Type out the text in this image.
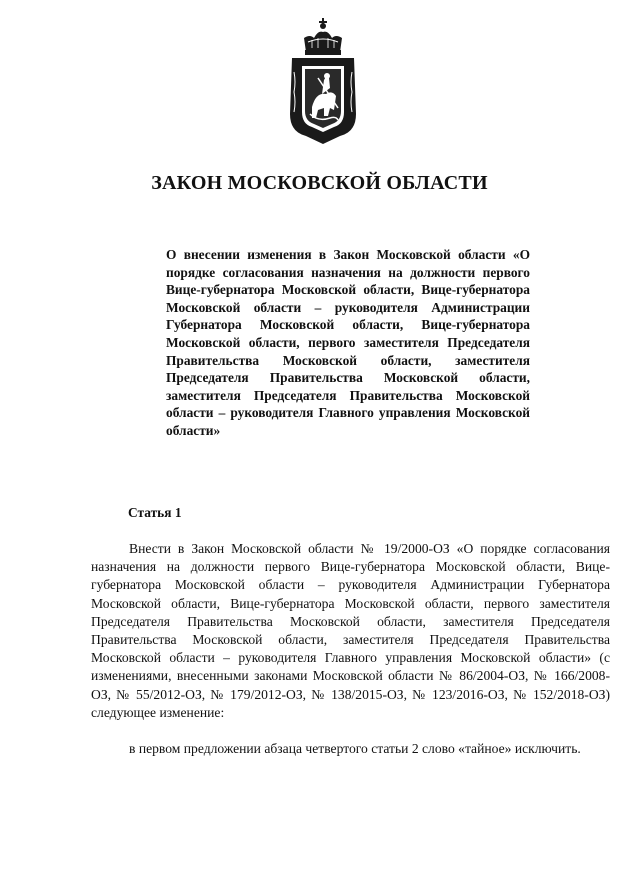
ЗАКОН МОСКОВСКОЙ ОБЛАСТИ
О внесении изменения в Закон Московской области «О порядке согласования назначения на должности первого Вице-губернатора Московской области, Вице-губернатора Московской области – руководителя Администрации Губернатора Московской области, Вице-губернатора Московской области, первого заместителя Председателя Правительства Московской области, заместителя Председателя Правительства Московской области, заместителя Председателя Правительства Московской области – руководителя Главного управления Московской области»
Статья 1

Внести в Закон Московской области № 19/2000-ОЗ «О порядке согласования назначения на должности первого Вице-губернатора Московской области, Вице-губернатора Московской области – руководителя Администрации Губернатора Московской области, Вице-губернатора Московской области, первого заместителя Председателя Правительства Московской области, заместителя Председателя Правительства Московской области, заместителя Председателя Правительства Московской области – руководителя Главного управления Московской области» (с изменениями, внесенными законами Московской области № 86/2004-ОЗ, № 166/2008-ОЗ, № 55/2012-ОЗ, № 179/2012-ОЗ, № 138/2015-ОЗ, № 123/2016-ОЗ, № 152/2018-ОЗ) следующее изменение:

в первом предложении абзаца четвертого статьи 2 слово «тайное» исключить.
